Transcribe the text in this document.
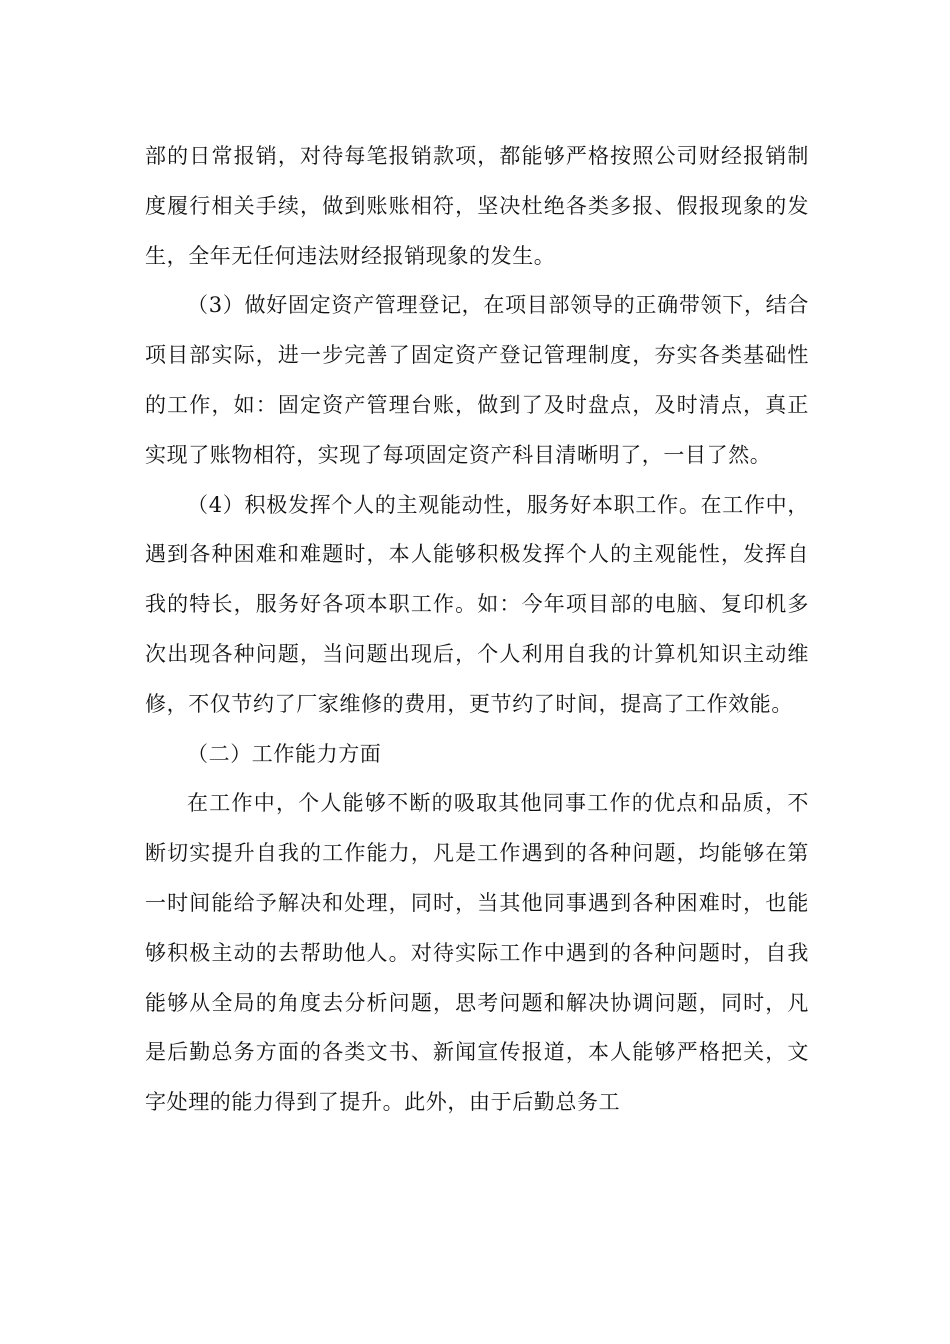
部的日常报销，对待每笔报销款项，都能够严格按照公司财经报销制度履行相关手续，做到账账相符，坚决杜绝各类多报、假报现象的发生，全年无任何违法财经报销现象的发生。

（3）做好固定资产管理登记，在项目部领导的正确带领下，结合项目部实际，进一步完善了固定资产登记管理制度，夯实各类基础性的工作，如：固定资产管理台账，做到了及时盘点，及时清点，真正实现了账物相符，实现了每项固定资产科目清晰明了，一目了然。

（4）积极发挥个人的主观能动性，服务好本职工作。在工作中，遇到各种困难和难题时，本人能够积极发挥个人的主观能性，发挥自我的特长，服务好各项本职工作。如：今年项目部的电脑、复印机多次出现各种问题，当问题出现后，个人利用自我的计算机知识主动维修，不仅节约了厂家维修的费用，更节约了时间，提高了工作效能。

（二）工作能力方面

在工作中，个人能够不断的吸取其他同事工作的优点和品质，不断切实提升自我的工作能力，凡是工作遇到的各种问题，均能够在第一时间能给予解决和处理，同时，当其他同事遇到各种困难时，也能够积极主动的去帮助他人。对待实际工作中遇到的各种问题时，自我能够从全局的角度去分析问题，思考问题和解决协调问题，同时，凡是后勤总务方面的各类文书、新闻宣传报道，本人能够严格把关，文字处理的能力得到了提升。此外，由于后勤总务工
